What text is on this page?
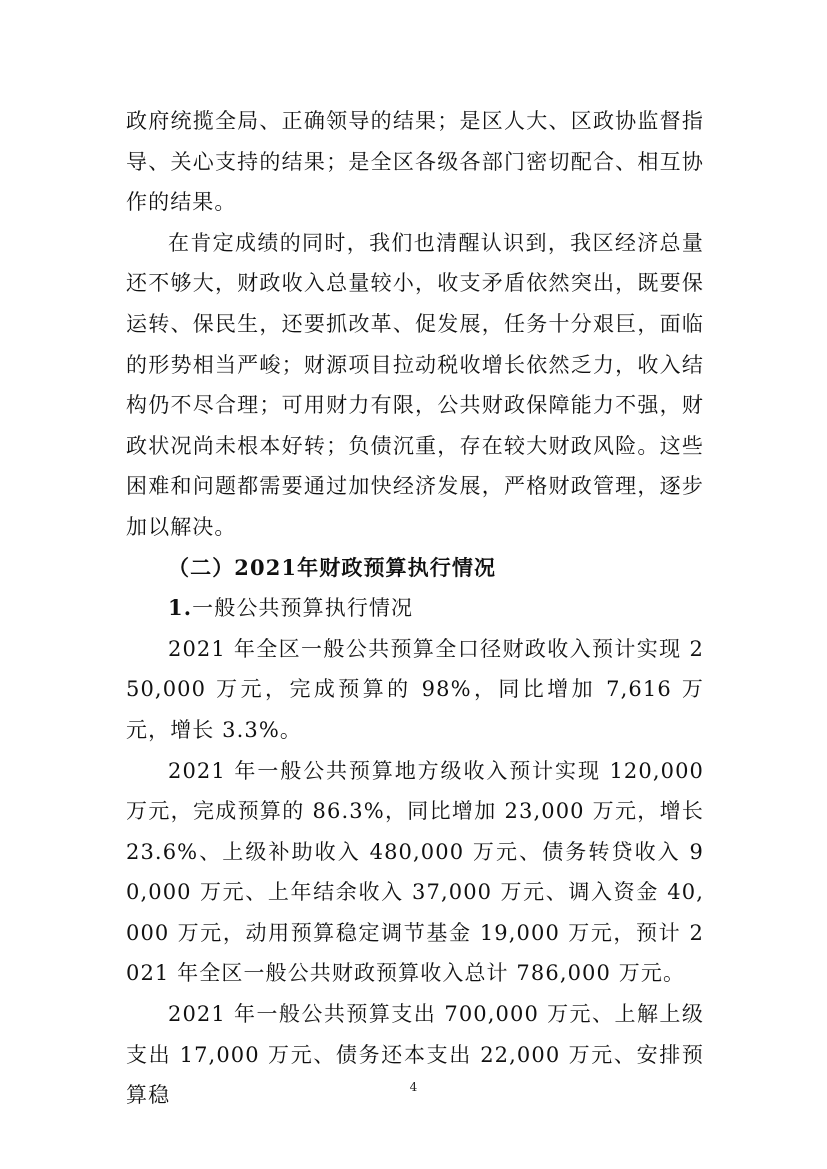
政府统揽全局、正确领导的结果；是区人大、区政协监督指导、关心支持的结果；是全区各级各部门密切配合、相互协作的结果。

在肯定成绩的同时，我们也清醒认识到，我区经济总量还不够大，财政收入总量较小，收支矛盾依然突出，既要保运转、保民生，还要抓改革、促发展，任务十分艰巨，面临的形势相当严峻；财源项目拉动税收增长依然乏力，收入结构仍不尽合理；可用财力有限，公共财政保障能力不强，财政状况尚未根本好转；负债沉重，存在较大财政风险。这些困难和问题都需要通过加快经济发展，严格财政管理，逐步加以解决。

（二）2021年财政预算执行情况

1.一般公共预算执行情况

2021 年全区一般公共预算全口径财政收入预计实现 250,000 万元，完成预算的 98%，同比增加 7,616 万元，增长 3.3%。

2021 年一般公共预算地方级收入预计实现 120,000 万元，完成预算的 86.3%，同比增加 23,000 万元，增长 23.6%、上级补助收入 480,000 万元、债务转贷收入 90,000 万元、上年结余收入 37,000 万元、调入资金 40,000 万元，动用预算稳定调节基金 19,000 万元，预计 2021 年全区一般公共财政预算收入总计 786,000 万元。

2021 年一般公共预算支出 700,000 万元、上解上级支出 17,000 万元、债务还本支出 22,000 万元、安排预算稳	4
